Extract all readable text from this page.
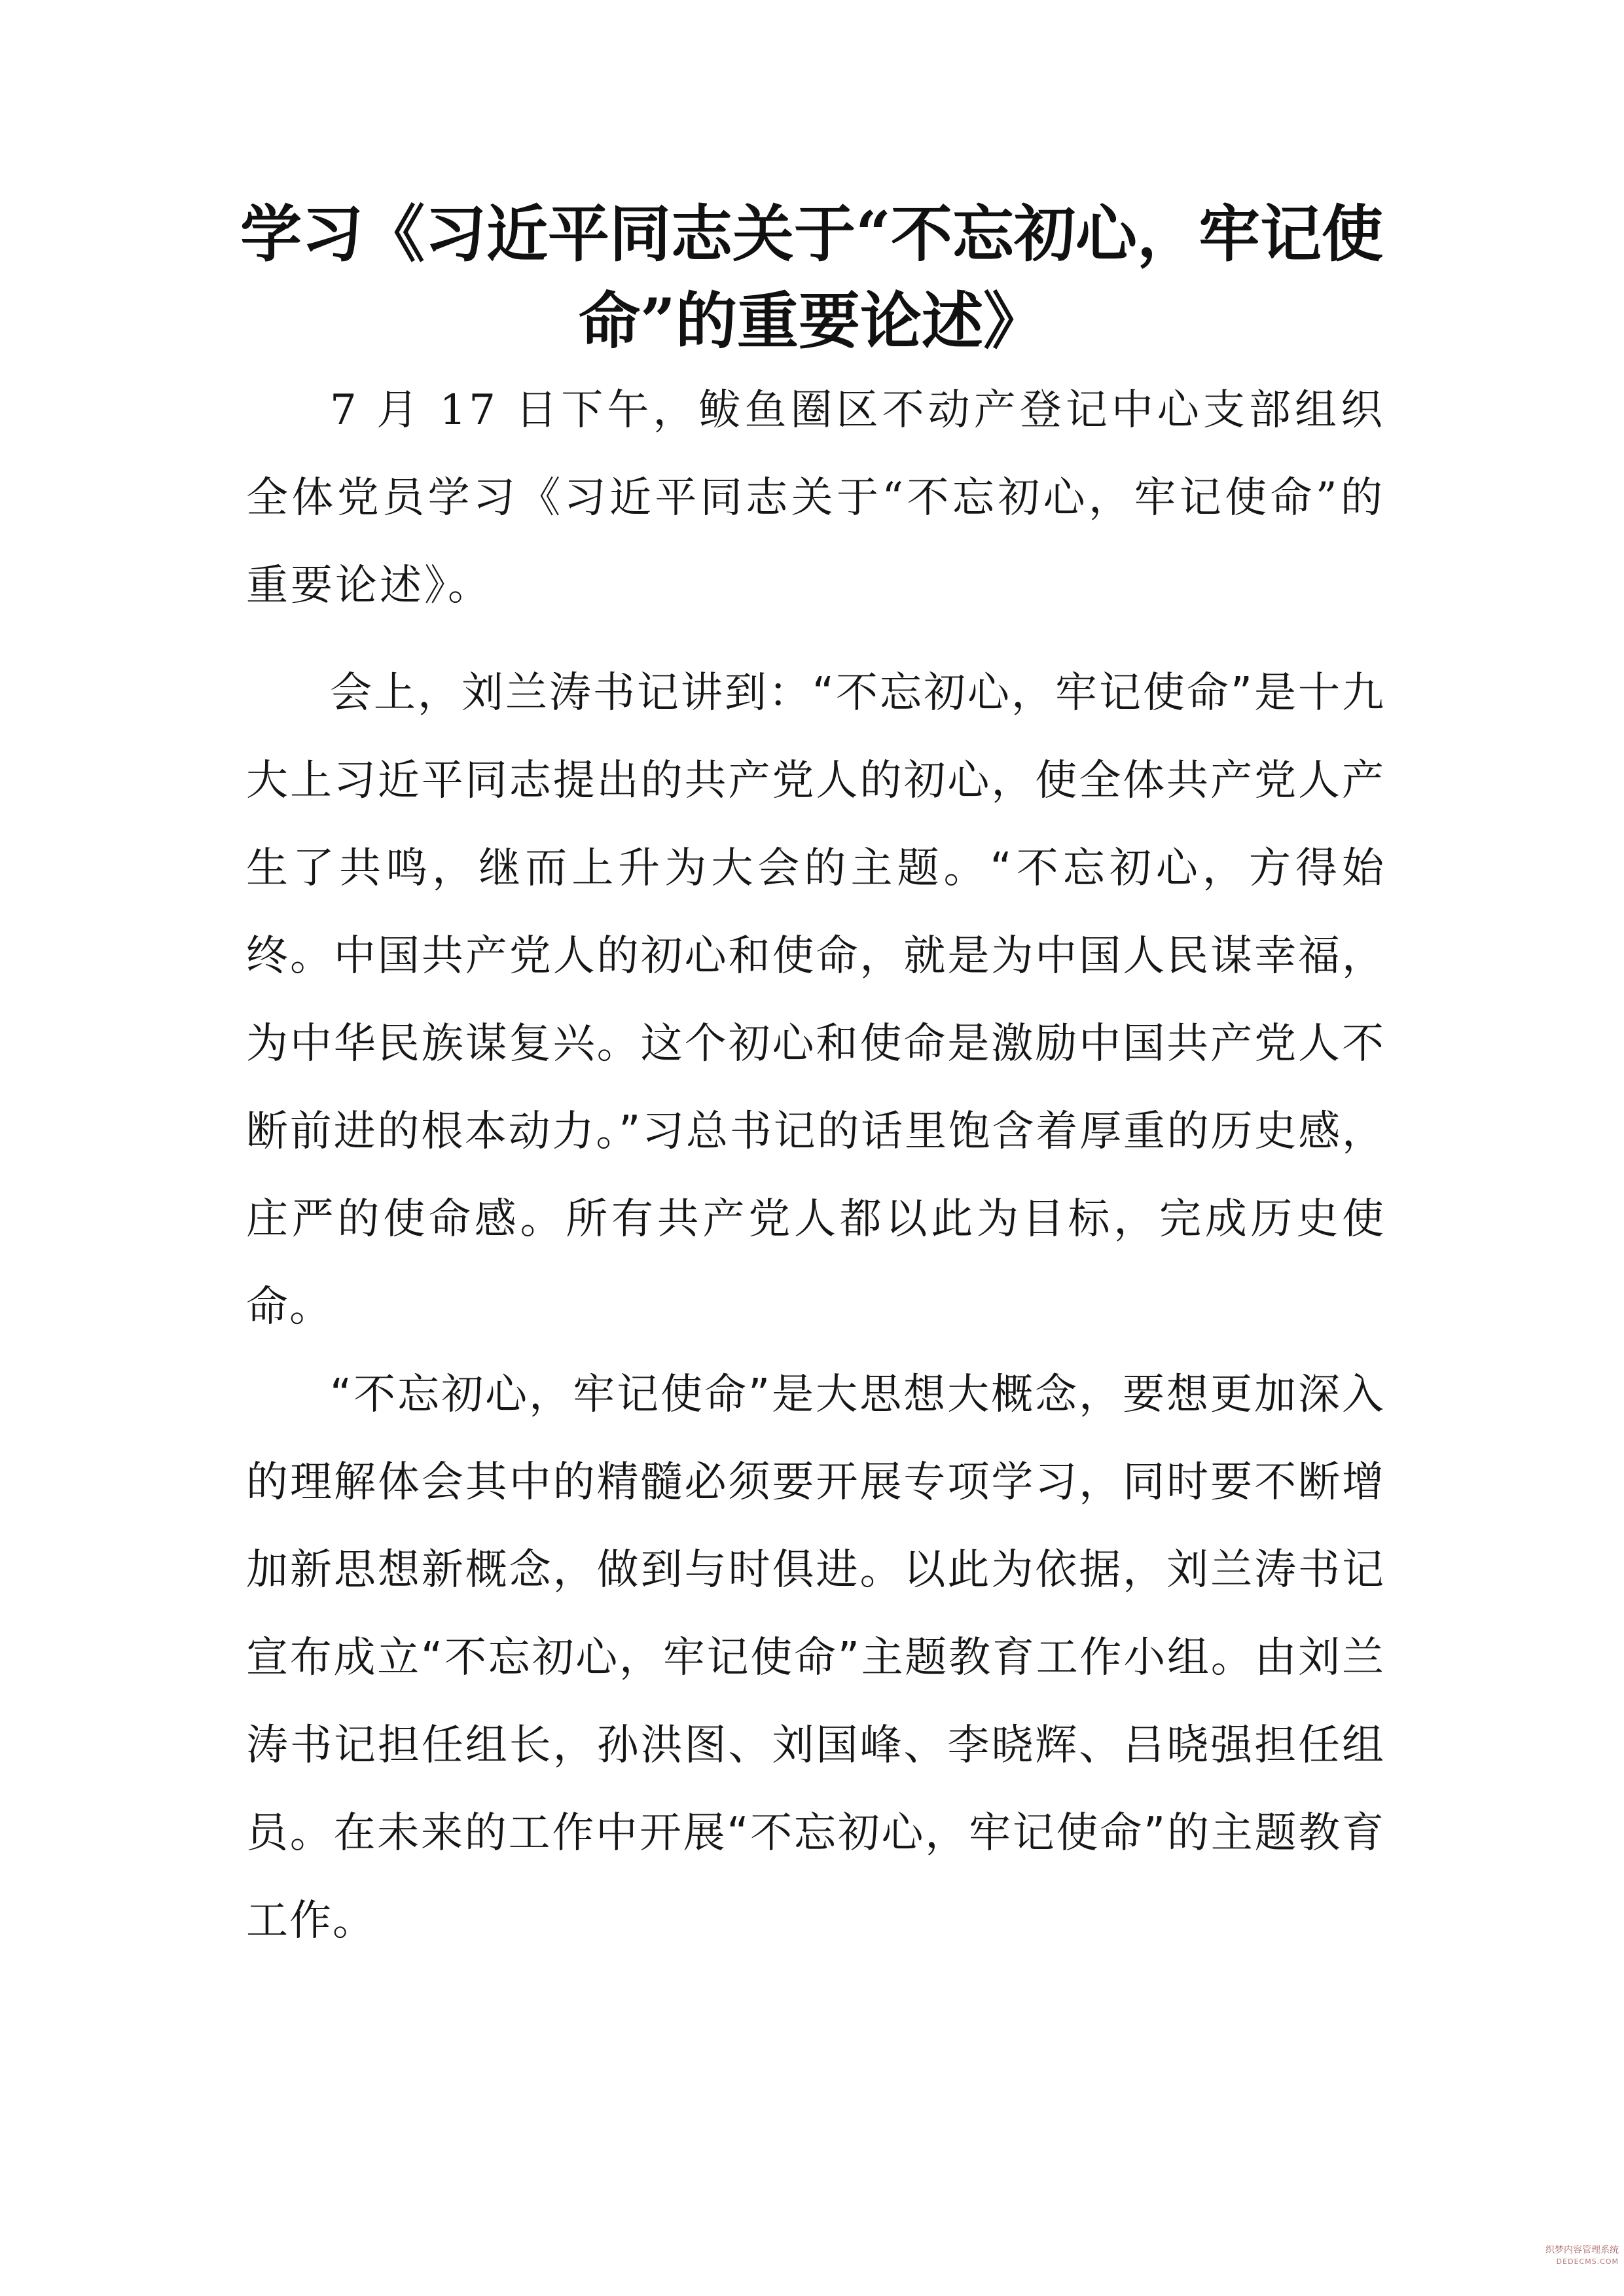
学习《习近平同志关于“不忘初心，牢记使
命”的重要论述》

7 月 17 日下午，鲅鱼圈区不动产登记中心支部组织全体党员学习《习近平同志关于“不忘初心，牢记使命”的重要论述》。

会上，刘兰涛书记讲到：“不忘初心，牢记使命”是十九大上习近平同志提出的共产党人的初心，使全体共产党人产生了共鸣，继而上升为大会的主题。“不忘初心，方得始终。中国共产党人的初心和使命，就是为中国人民谋幸福，为中华民族谋复兴。这个初心和使命是激励中国共产党人不断前进的根本动力。”习总书记的话里饱含着厚重的历史感，庄严的使命感。所有共产党人都以此为目标，完成历史使命。

“不忘初心，牢记使命”是大思想大概念，要想更加深入的理解体会其中的精髓必须要开展专项学习，同时要不断增加新思想新概念，做到与时俱进。以此为依据，刘兰涛书记宣布成立“不忘初心，牢记使命”主题教育工作小组。由刘兰涛书记担任组长，孙洪图、刘国峰、李晓辉、吕晓强担任组员。在未来的工作中开展“不忘初心，牢记使命”的主题教育工作。

织梦内容管理系统
DEDECMS.COM
